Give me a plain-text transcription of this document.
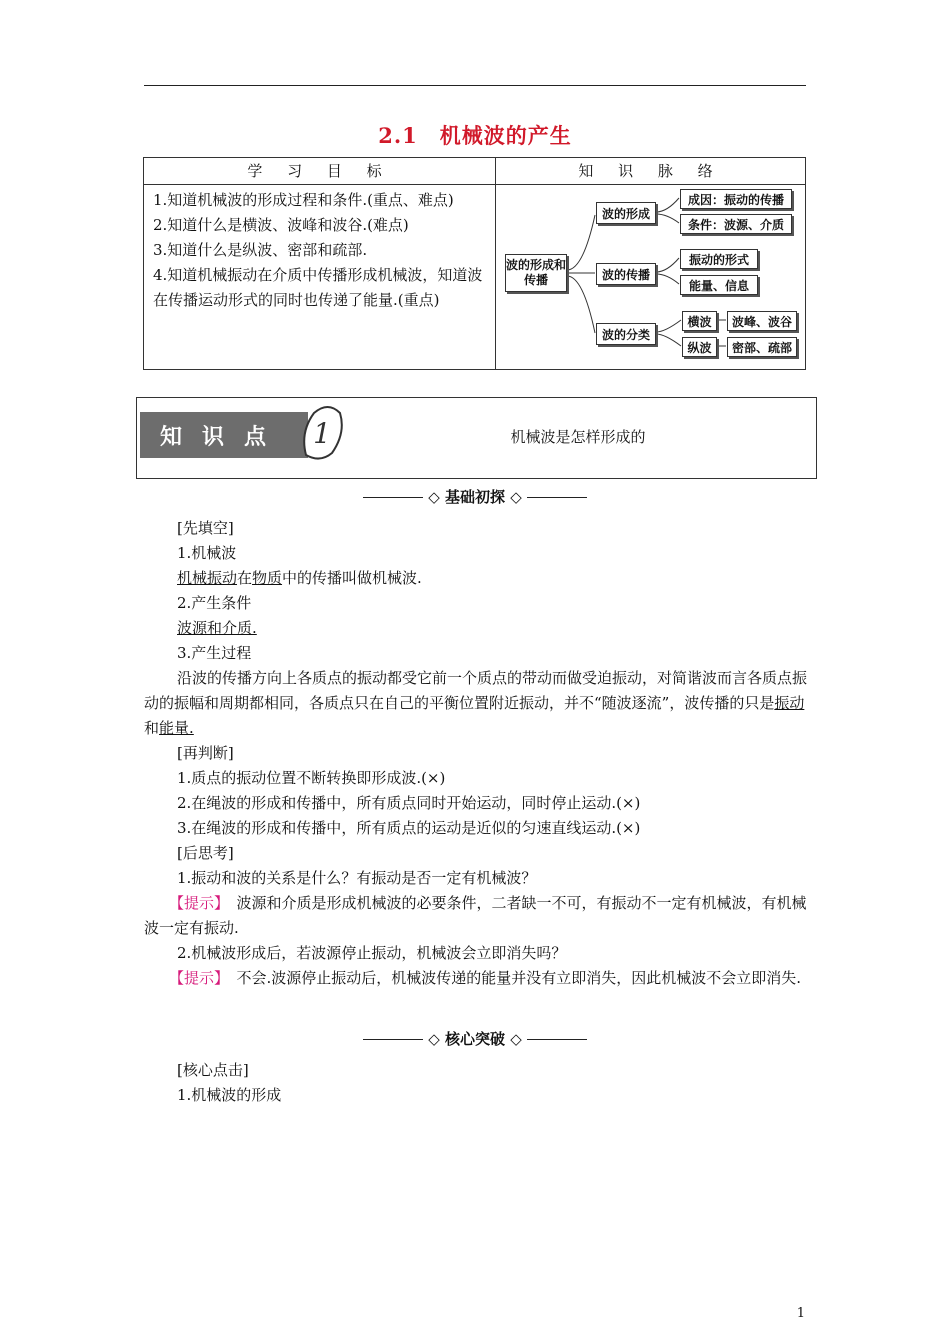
2.1　机械波的产生
学 习 目 标	知 识 脉 络
1.知道机械波的形成过程和条件.(重点、难点)
2.知道什么是横波、波峰和波谷.(难点)
3.知道什么是纵波、密部和疏部.
4.知道机械振动在介质中传播形成机械波，知道波在传播运动形式的同时也传递了能量.(重点)
波的形成和传播
波的形成
成因：振动的传播
条件：波源、介质
波的传播
振动的形式
能量、信息
波的分类
横波	波峰、波谷
纵波	密部、疏部
知识点 1	机械波是怎样形成的
◇ 基础初探 ◇
[先填空]
1.机械波
机械振动在物质中的传播叫做机械波.
2.产生条件
波源和介质.
3.产生过程
沿波的传播方向上各质点的振动都受它前一个质点的带动而做受迫振动，对简谐波而言各质点振动的振幅和周期都相同，各质点只在自己的平衡位置附近振动，并不“随波逐流”，波传播的只是振动和能量.
[再判断]
1.质点的振动位置不断转换即形成波.(×)
2.在绳波的形成和传播中，所有质点同时开始运动，同时停止运动.(×)
3.在绳波的形成和传播中，所有质点的运动是近似的匀速直线运动.(×)
[后思考]
1.振动和波的关系是什么？有振动是否一定有机械波？
【提示】　波源和介质是形成机械波的必要条件，二者缺一不可，有振动不一定有机械波，有机械波一定有振动.
2.机械波形成后，若波源停止振动，机械波会立即消失吗？
【提示】　不会.波源停止振动后，机械波传递的能量并没有立即消失，因此机械波不会立即消失.
◇ 核心突破 ◇
[核心点击]
1.机械波的形成
1
